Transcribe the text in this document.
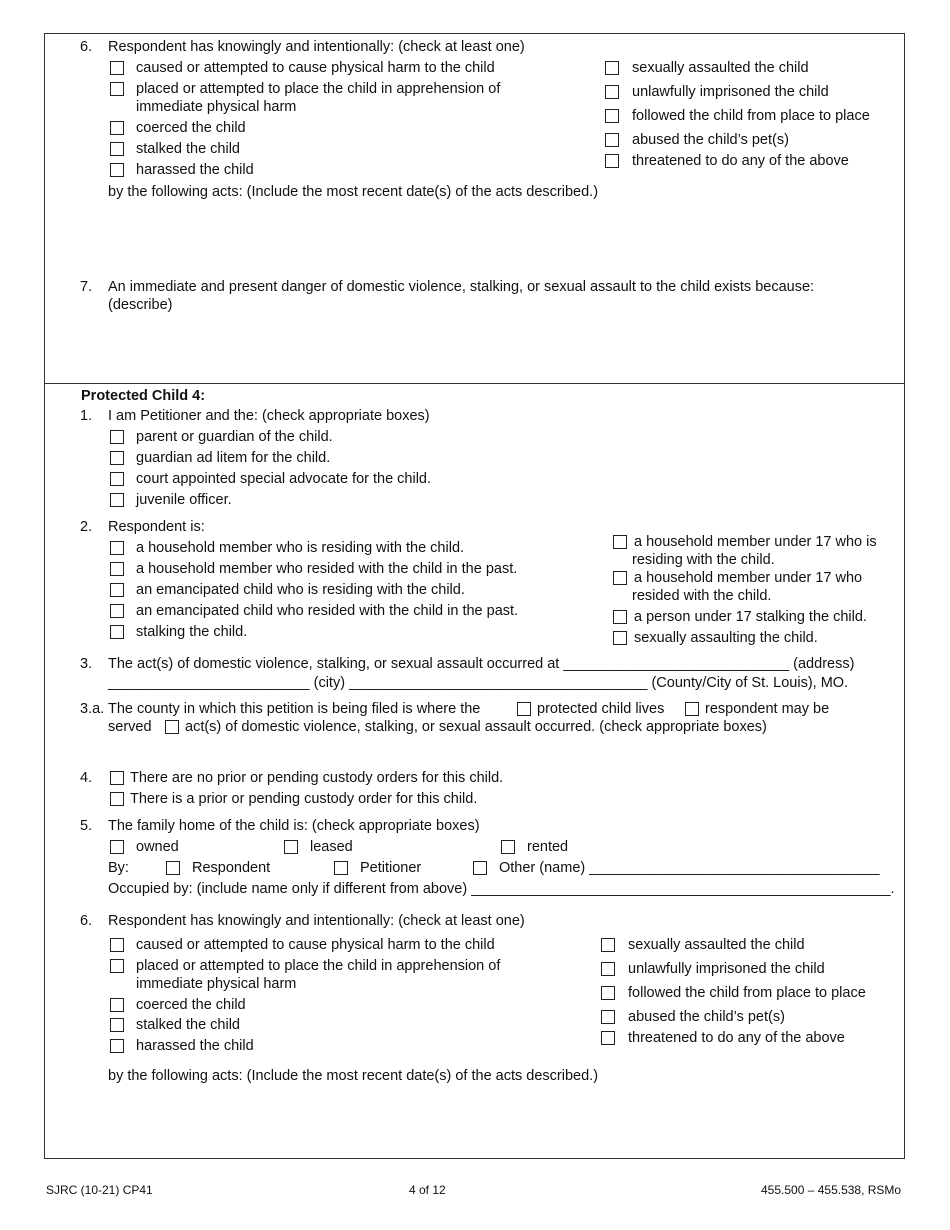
6. Respondent has knowingly and intentionally: (check at least one)
caused or attempted to cause physical harm to the child
placed or attempted to place the child in apprehension of
immediate physical harm
coerced the child
stalked the child
harassed the child
sexually assaulted the child
unlawfully imprisoned the child
followed the child from place to place
abused the child’s pet(s)
threatened to do any of the above
by the following acts: (Include the most recent date(s) of the acts described.)
7. An immediate and present danger of domestic violence, stalking, or sexual assault to the child exists because:
(describe)
Protected Child 4:
1. I am Petitioner and the: (check appropriate boxes)
parent or guardian of the child.
guardian ad litem for the child.
court appointed special advocate for the child.
juvenile officer.
2. Respondent is:
a household member who is residing with the child.
a household member who resided with the child in the past.
an emancipated child who is residing with the child.
an emancipated child who resided with the child in the past.
stalking the child.
a household member under 17 who is
residing with the child.
a household member under 17 who
resided with the child.
a person under 17 stalking the child.
sexually assaulting the child.
3. The act(s) of domestic violence, stalking, or sexual assault occurred at ____________________________ (address)
_________________________ (city) _____________________________________ (County/City of St. Louis), MO.
3.a. The county in which this petition is being filed is where the	protected child lives	respondent may be
served act(s) of domestic violence, stalking, or sexual assault occurred. (check appropriate boxes)
4.	There are no prior or pending custody orders for this child.
There is a prior or pending custody order for this child.
5. The family home of the child is: (check appropriate boxes)
owned	leased	rented
By:	Respondent	Petitioner	Other (name) ____________________________________
Occupied by: (include name only if different from above) ____________________________________________________.
6. Respondent has knowingly and intentionally: (check at least one)
caused or attempted to cause physical harm to the child
placed or attempted to place the child in apprehension of
immediate physical harm
coerced the child
stalked the child
harassed the child
sexually assaulted the child
unlawfully imprisoned the child
followed the child from place to place
abused the child’s pet(s)
threatened to do any of the above
by the following acts: (Include the most recent date(s) of the acts described.)
SJRC (10-21) CP41	4 of 12	455.500 – 455.538, RSMo
